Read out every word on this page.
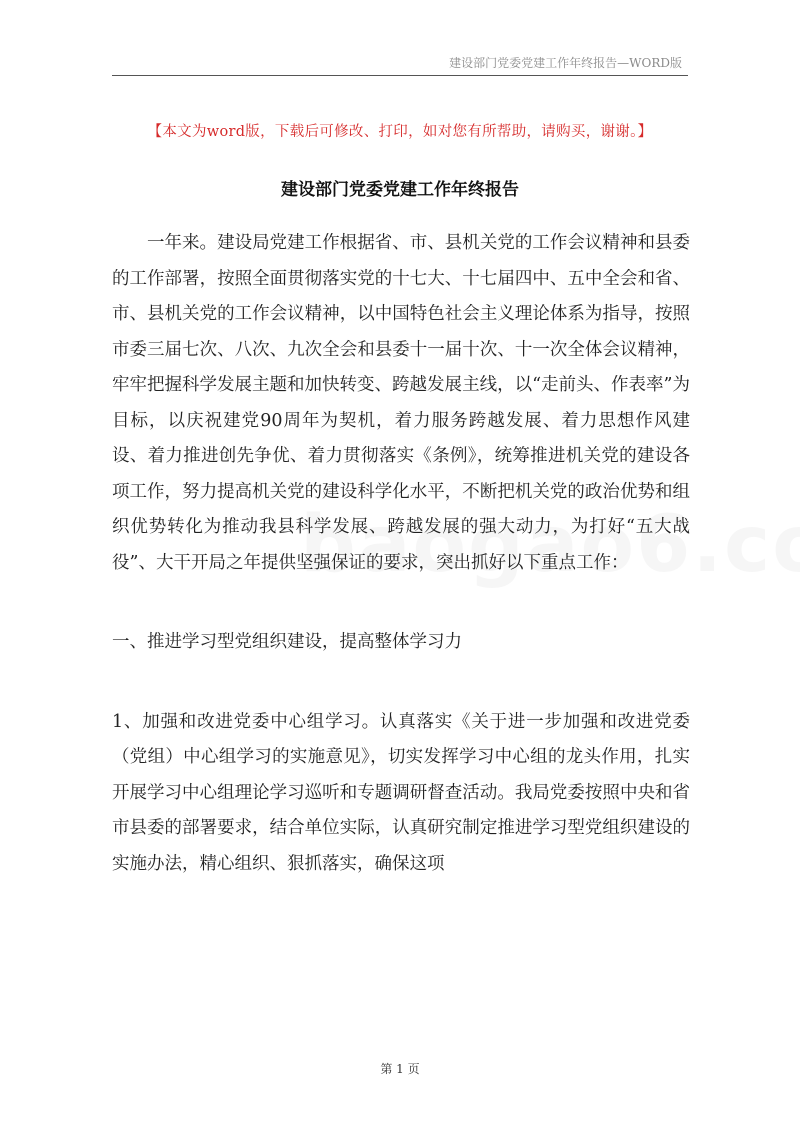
建设部门党委党建工作年终报告—WORD版
【本文为word版，下载后可修改、打印，如对您有所帮助，请购买，谢谢。】
建设部门党委党建工作年终报告

一年来。建设局党建工作根据省、市、县机关党的工作会议精神和县委的工作部署，按照全面贯彻落实党的十七大、十七届四中、五中全会和省、市、县机关党的工作会议精神，以中国特色社会主义理论体系为指导，按照市委三届七次、八次、九次全会和县委十一届十次、十一次全体会议精神，牢牢把握科学发展主题和加快转变、跨越发展主线，以“走前头、作表率”为目标，以庆祝建党90周年为契机，着力服务跨越发展、着力思想作风建设、着力推进创先争优、着力贯彻落实《条例》，统筹推进机关党的建设各项工作，努力提高机关党的建设科学化水平，不断把机关党的政治优势和组织优势转化为推动我县科学发展、跨越发展的强大动力，为打好“五大战役”、大干开局之年提供坚强保证的要求，突出抓好以下重点工作：

一、推进学习型党组织建设，提高整体学习力

1、加强和改进党委中心组学习。认真落实《关于进一步加强和改进党委（党组）中心组学习的实施意见》，切实发挥学习中心组的龙头作用，扎实开展学习中心组理论学习巡听和专题调研督查活动。我局党委按照中央和省市县委的部署要求，结合单位实际，认真研究制定推进学习型党组织建设的实施办法，精心组织、狠抓落实，确保这项

第 1 页
